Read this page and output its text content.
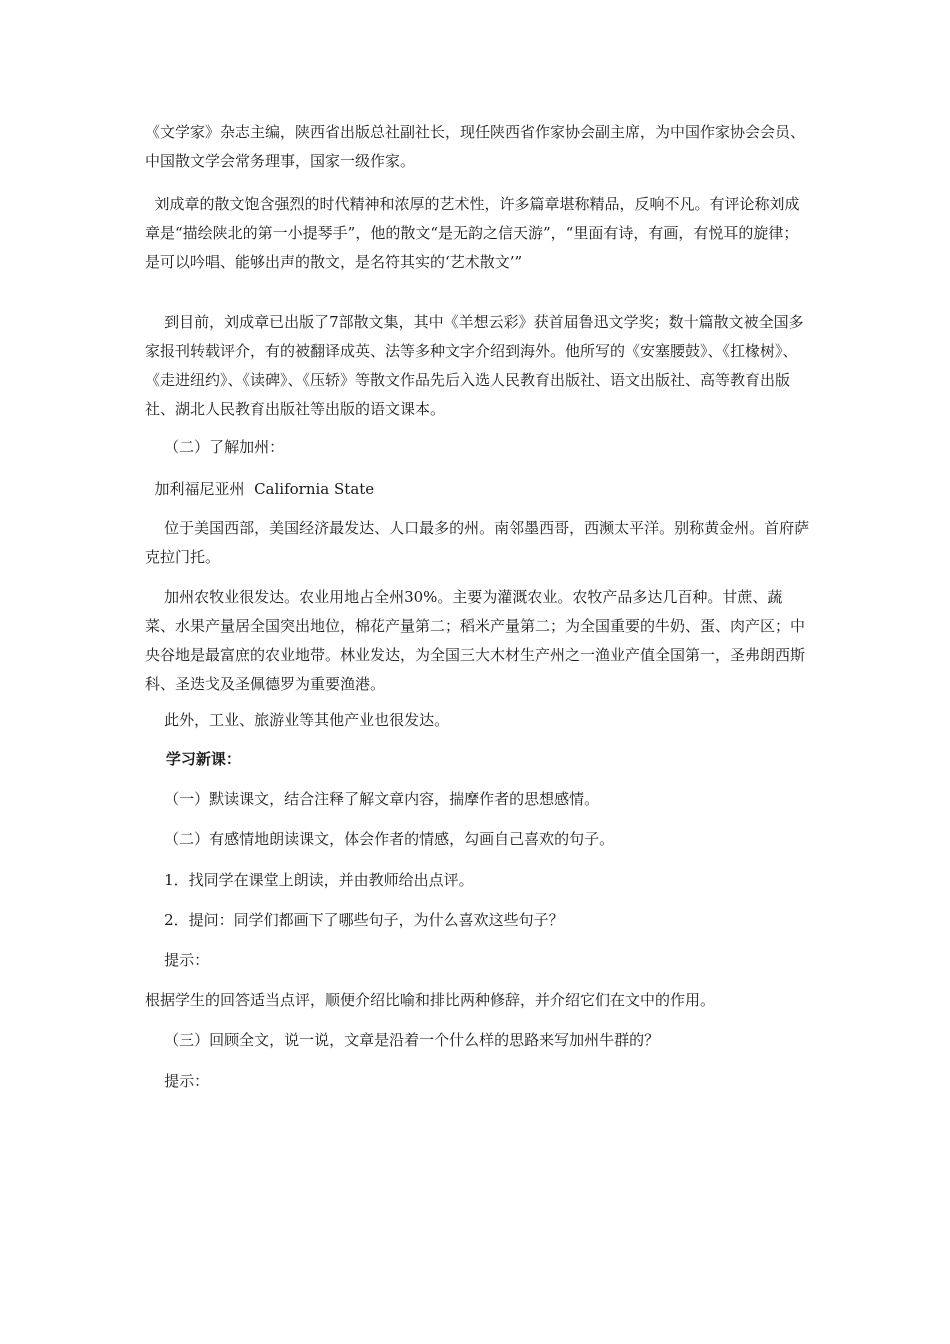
《文学家》杂志主编，陕西省出版总社副社长，现任陕西省作家协会副主席，为中国作家协会会员、中国散文学会常务理事，国家一级作家。

刘成章的散文饱含强烈的时代精神和浓厚的艺术性，许多篇章堪称精品，反响不凡。有评论称刘成章是“描绘陕北的第一小提琴手”，他的散文“是无韵之信天游”，“里面有诗，有画，有悦耳的旋律；是可以吟唱、能够出声的散文，是名符其实的‘艺术散文’”

到目前，刘成章已出版了7部散文集，其中《羊想云彩》获首届鲁迅文学奖；数十篇散文被全国多家报刊转载评介，有的被翻译成英、法等多种文字介绍到海外。他所写的《安塞腰鼓》、《扛椽树》、《走进纽约》、《读碑》、《压轿》等散文作品先后入选人民教育出版社、语文出版社、高等教育出版社、湖北人民教育出版社等出版的语文课本。

（二）了解加州：

加利福尼亚州  California State

位于美国西部，美国经济最发达、人口最多的州。南邻墨西哥，西濒太平洋。别称黄金州。首府萨克拉门托。

加州农牧业很发达。农业用地占全州30%。主要为灌溉农业。农牧产品多达几百种。甘蔗、蔬菜、水果产量居全国突出地位，棉花产量第二；稻米产量第二；为全国重要的牛奶、蛋、肉产区；中央谷地是最富庶的农业地带。林业发达，为全国三大木材生产州之一渔业产值全国第一，圣弗朗西斯科、圣迭戈及圣佩德罗为重要渔港。

此外，工业、旅游业等其他产业也很发达。

学习新课：

（一）默读课文，结合注释了解文章内容，揣摩作者的思想感情。

（二）有感情地朗读课文，体会作者的情感，勾画自己喜欢的句子。

1．找同学在课堂上朗读，并由教师给出点评。

2．提问：同学们都画下了哪些句子，为什么喜欢这些句子？

提示：

根据学生的回答适当点评，顺便介绍比喻和排比两种修辞，并介绍它们在文中的作用。

（三）回顾全文，说一说，文章是沿着一个什么样的思路来写加州牛群的？

提示：
